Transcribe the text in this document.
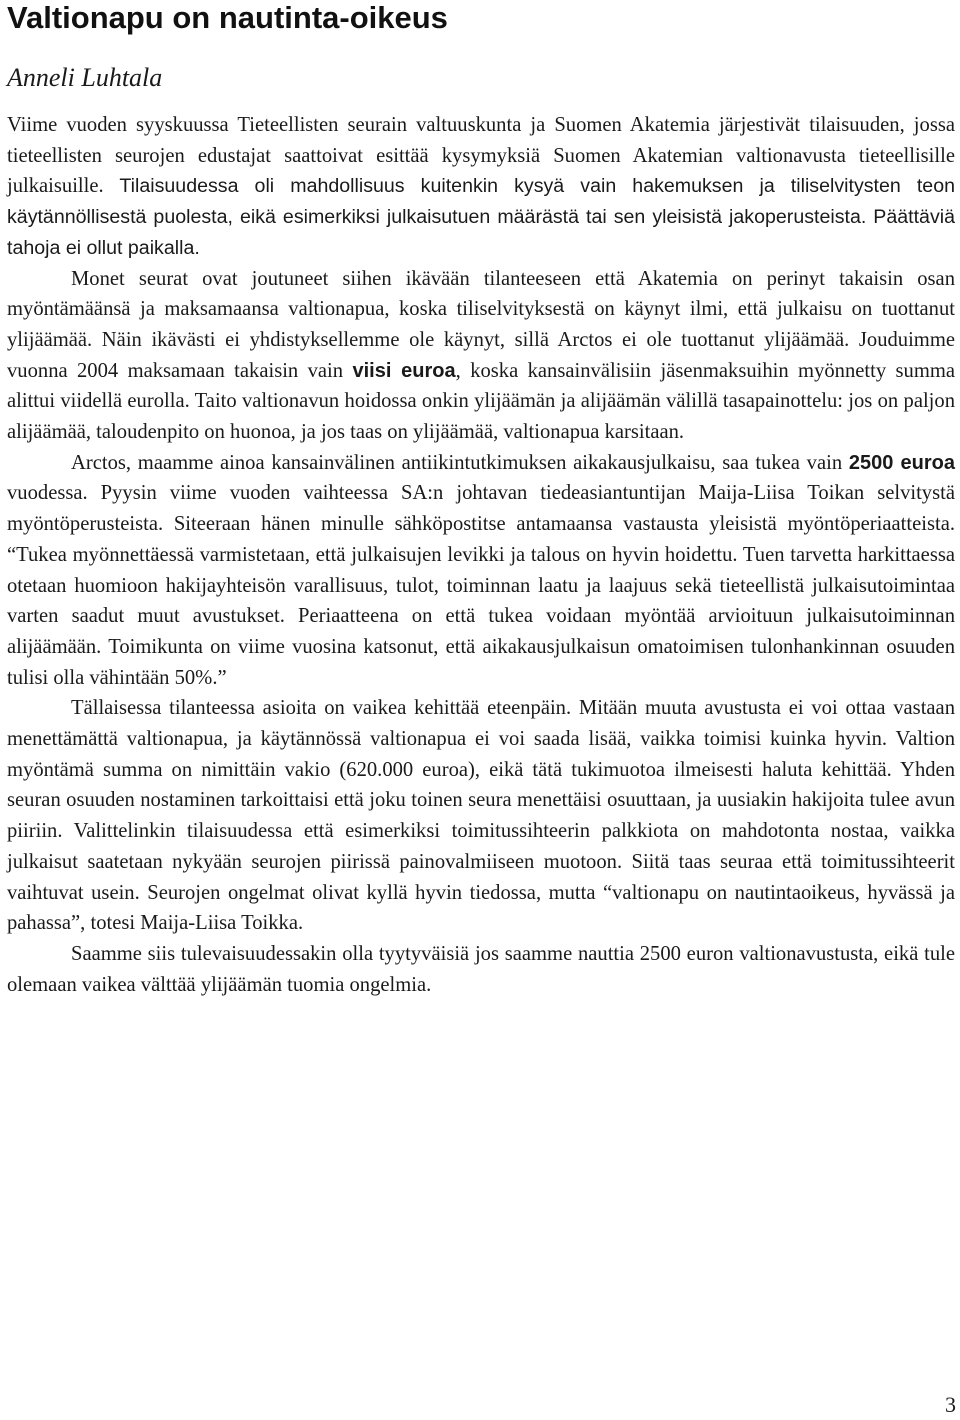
Valtionapu on nautinta-oikeus
Anneli Luhtala

Viime vuoden syyskuussa Tieteellisten seurain valtuuskunta ja Suomen Akatemia järjestivät tilaisuuden, jossa tieteellisten seurojen edustajat saattoivat esittää kysymyksiä Suomen Akatemian valtionavusta tieteellisille julkaisuille. Tilaisuudessa oli mahdollisuus kuitenkin kysyä vain hakemuksen ja tiliselvitysten teon käytännöllisestä puolesta, eikä esimerkiksi julkaisutuen määrästä tai sen yleisistä jakoperusteista. Päättäviä tahoja ei ollut paikalla.

Monet seurat ovat joutuneet siihen ikävään tilanteeseen että Akatemia on perinyt takaisin osan myöntämäänsä ja maksamaansa valtionapua, koska tiliselvityksestä on käynyt ilmi, että julkaisu on tuottanut ylijäämää. Näin ikävästi ei yhdistyksellemme ole käynyt, sillä Arctos ei ole tuottanut ylijäämää. Jouduimme vuonna 2004 maksamaan takaisin vain viisi euroa, koska kansainvälisiin jäsenmaksuihin myönnetty summa alittui viidellä eurolla. Taito valtionavun hoidossa onkin ylijäämän ja alijäämän välillä tasapainottelu: jos on paljon alijäämää, taloudenpito on huonoa, ja jos taas on ylijäämää, valtionapua karsitaan.

Arctos, maamme ainoa kansainvälinen antiikintutkimuksen aikakausjulkaisu, saa tukea vain 2500 euroa vuodessa. Pyysin viime vuoden vaihteessa SA:n johtavan tiedeasiantuntijan Maija-Liisa Toikan selvitystä myöntöperusteista. Siteeraan hänen minulle sähköpostitse antamaansa vastausta yleisistä myöntöperiaatteista. “Tukea myönnettäessä varmistetaan, että julkaisujen levikki ja talous on hyvin hoidettu. Tuen tarvetta harkittaessa otetaan huomioon hakijayhteisön varallisuus, tulot, toiminnan laatu ja laajuus sekä tieteellistä julkaisutoimintaa varten saadut muut avustukset. Periaatteena on että tukea voidaan myöntää arvioituun julkaisutoiminnan alijäämään. Toimikunta on viime vuosina katsonut, että aikakausjulkaisun omatoimisen tulonhankinnan osuuden tulisi olla vähintään 50%.”

Tällaisessa tilanteessa asioita on vaikea kehittää eteenpäin. Mitään muuta avustusta ei voi ottaa vastaan menettämättä valtionapua, ja käytännössä valtionapua ei voi saada lisää, vaikka toimisi kuinka hyvin. Valtion myöntämä summa on nimittäin vakio (620.000 euroa), eikä tätä tukimuotoa ilmeisesti haluta kehittää. Yhden seuran osuuden nostaminen tarkoittaisi että joku toinen seura menettäisi osuuttaan, ja uusiakin hakijoita tulee avun piiriin. Valittelinkin tilaisuudessa että esimerkiksi toimitussihteerin palkkiota on mahdotonta nostaa, vaikka julkaisut saatetaan nykyään seurojen piirissä painovalmiiseen muotoon. Siitä taas seuraa että toimitussihteerit vaihtuvat usein. Seurojen ongelmat olivat kyllä hyvin tiedossa, mutta “valtionapu on nautintaoikeus, hyvässä ja pahassa”, totesi Maija-Liisa Toikka.

Saamme siis tulevaisuudessakin olla tyytyväisiä jos saamme nauttia 2500 euron valtionavustusta, eikä tule olemaan vaikea välttää ylijäämän tuomia ongelmia.

3
